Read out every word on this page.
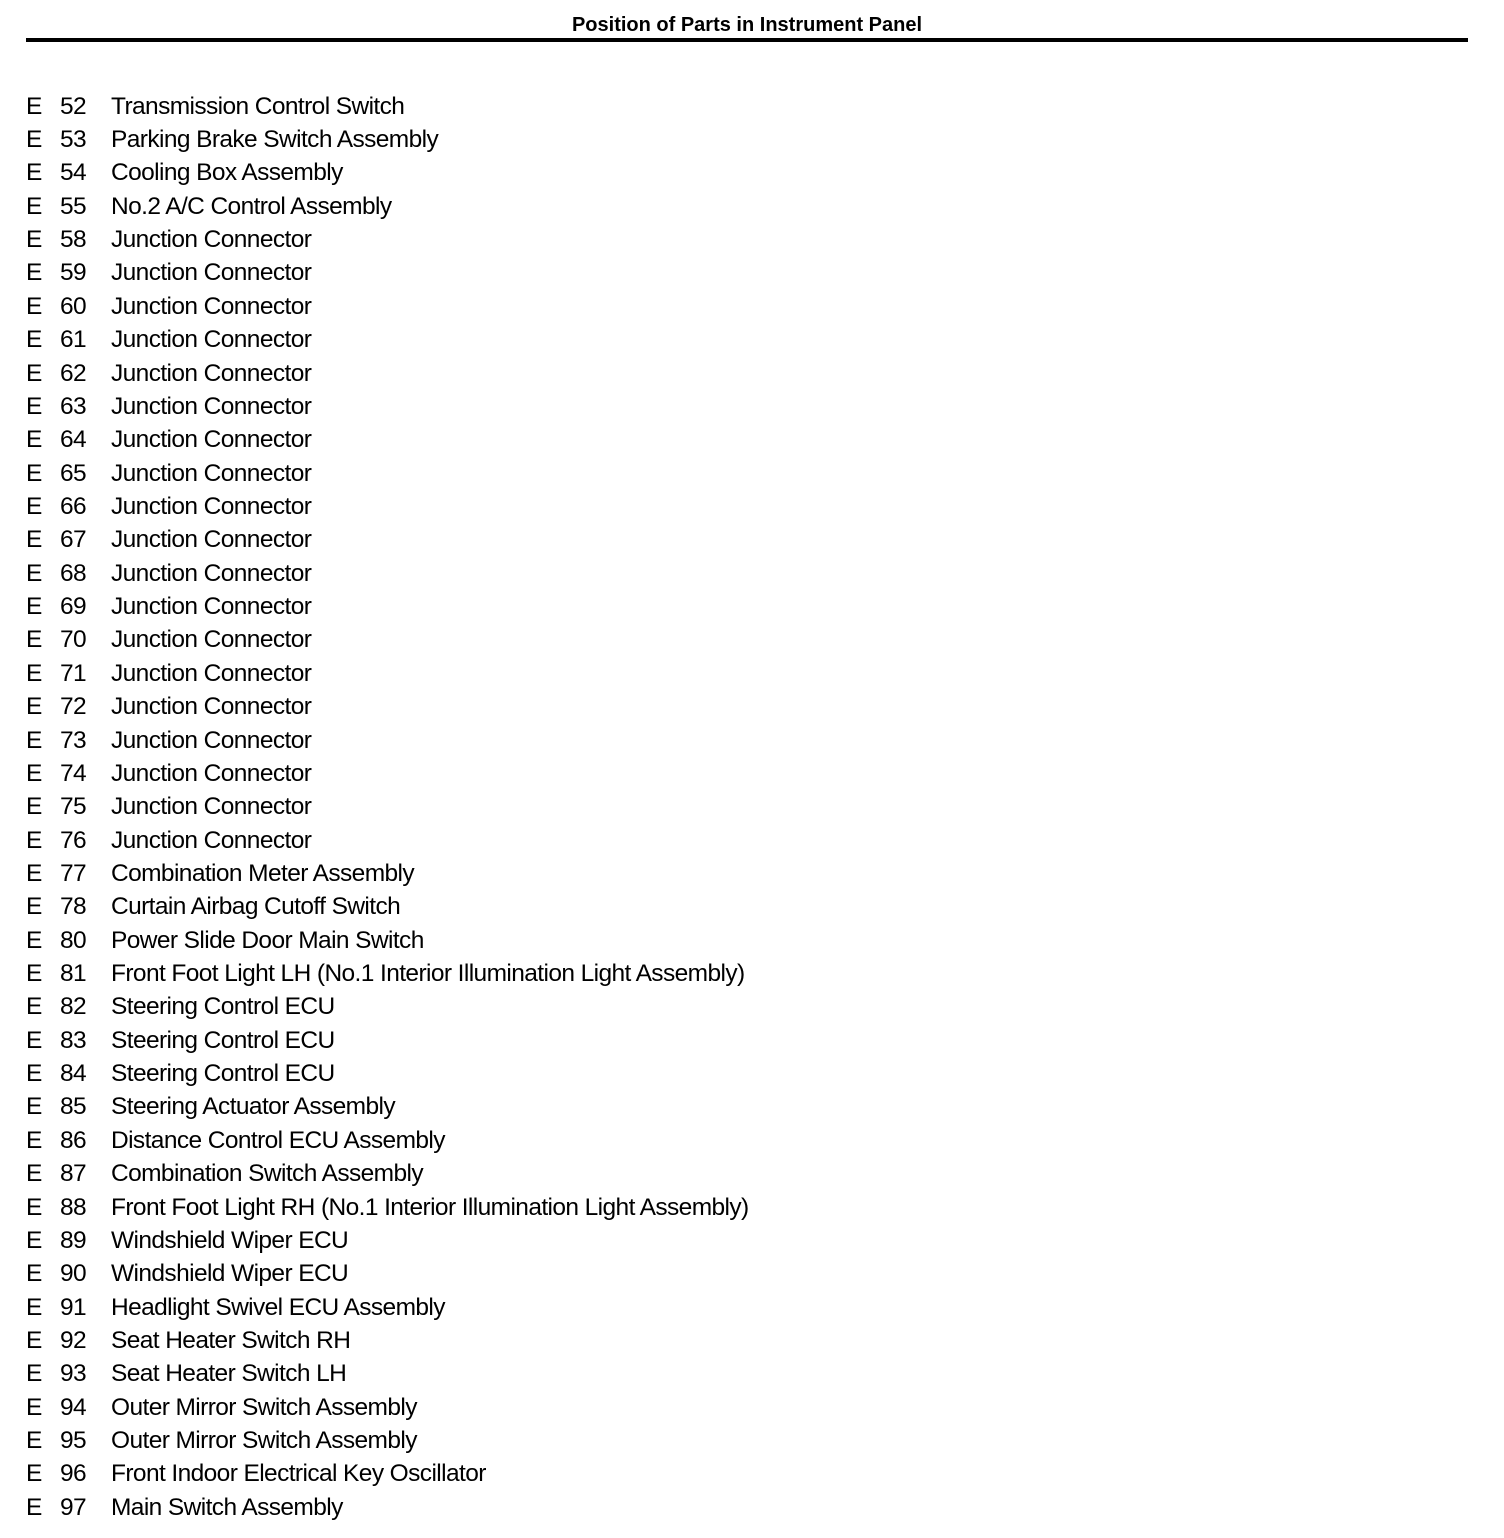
Position of Parts in Instrument Panel
E 52	Transmission Control Switch
E 53	Parking Brake Switch Assembly
E 54	Cooling Box Assembly
E 55	No.2 A/C Control Assembly
E 58	Junction Connector
E 59	Junction Connector
E 60	Junction Connector
E 61	Junction Connector
E 62	Junction Connector
E 63	Junction Connector
E 64	Junction Connector
E 65	Junction Connector
E 66	Junction Connector
E 67	Junction Connector
E 68	Junction Connector
E 69	Junction Connector
E 70	Junction Connector
E 71	Junction Connector
E 72	Junction Connector
E 73	Junction Connector
E 74	Junction Connector
E 75	Junction Connector
E 76	Junction Connector
E 77	Combination Meter Assembly
E 78	Curtain Airbag Cutoff Switch
E 80	Power Slide Door Main Switch
E 81	Front Foot Light LH (No.1 Interior Illumination Light Assembly)
E 82	Steering Control ECU
E 83	Steering Control ECU
E 84	Steering Control ECU
E 85	Steering Actuator Assembly
E 86	Distance Control ECU Assembly
E 87	Combination Switch Assembly
E 88	Front Foot Light RH (No.1 Interior Illumination Light Assembly)
E 89	Windshield Wiper ECU
E 90	Windshield Wiper ECU
E 91	Headlight Swivel ECU Assembly
E 92	Seat Heater Switch RH
E 93	Seat Heater Switch LH
E 94	Outer Mirror Switch Assembly
E 95	Outer Mirror Switch Assembly
E 96	Front Indoor Electrical Key Oscillator
E 97	Main Switch Assembly
